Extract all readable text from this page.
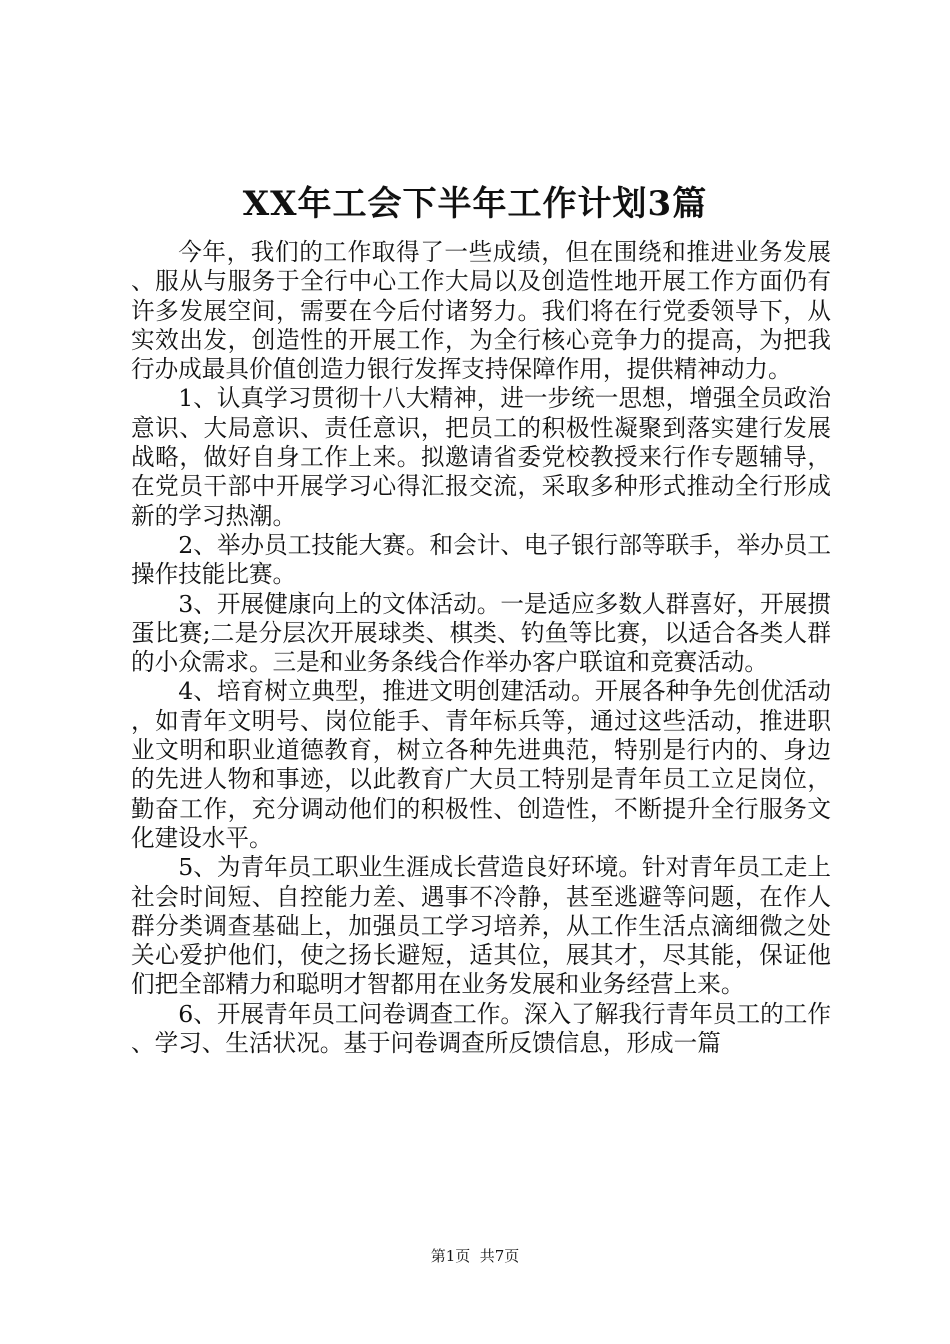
XX年工会下半年工作计划3篇

今年，我们的工作取得了一些成绩，但在围绕和推进业务发展、服从与服务于全行中心工作大局以及创造性地开展工作方面仍有许多发展空间，需要在今后付诸努力。我们将在行党委领导下，从实效出发，创造性的开展工作，为全行核心竞争力的提高，为把我行办成最具价值创造力银行发挥支持保障作用，提供精神动力。

1、认真学习贯彻十八大精神，进一步统一思想，增强全员政治意识、大局意识、责任意识，把员工的积极性凝聚到落实建行发展战略，做好自身工作上来。拟邀请省委党校教授来行作专题辅导，在党员干部中开展学习心得汇报交流，采取多种形式推动全行形成新的学习热潮。

2、举办员工技能大赛。和会计、电子银行部等联手，举办员工操作技能比赛。

3、开展健康向上的文体活动。一是适应多数人群喜好，开展掼蛋比赛;二是分层次开展球类、棋类、钓鱼等比赛，以适合各类人群的小众需求。三是和业务条线合作举办客户联谊和竞赛活动。

4、培育树立典型，推进文明创建活动。开展各种争先创优活动，如青年文明号、岗位能手、青年标兵等，通过这些活动，推进职业文明和职业道德教育，树立各种先进典范，特别是行内的、身边的先进人物和事迹，以此教育广大员工特别是青年员工立足岗位，勤奋工作，充分调动他们的积极性、创造性，不断提升全行服务文化建设水平。

5、为青年员工职业生涯成长营造良好环境。针对青年员工走上社会时间短、自控能力差、遇事不冷静，甚至逃避等问题，在作人群分类调查基础上，加强员工学习培养，从工作生活点滴细微之处关心爱护他们，使之扬长避短，适其位，展其才，尽其能，保证他们把全部精力和聪明才智都用在业务发展和业务经营上来。

6、开展青年员工问卷调查工作。深入了解我行青年员工的工作、学习、生活状况。基于问卷调查所反馈信息，形成一篇

第1页  共7页
